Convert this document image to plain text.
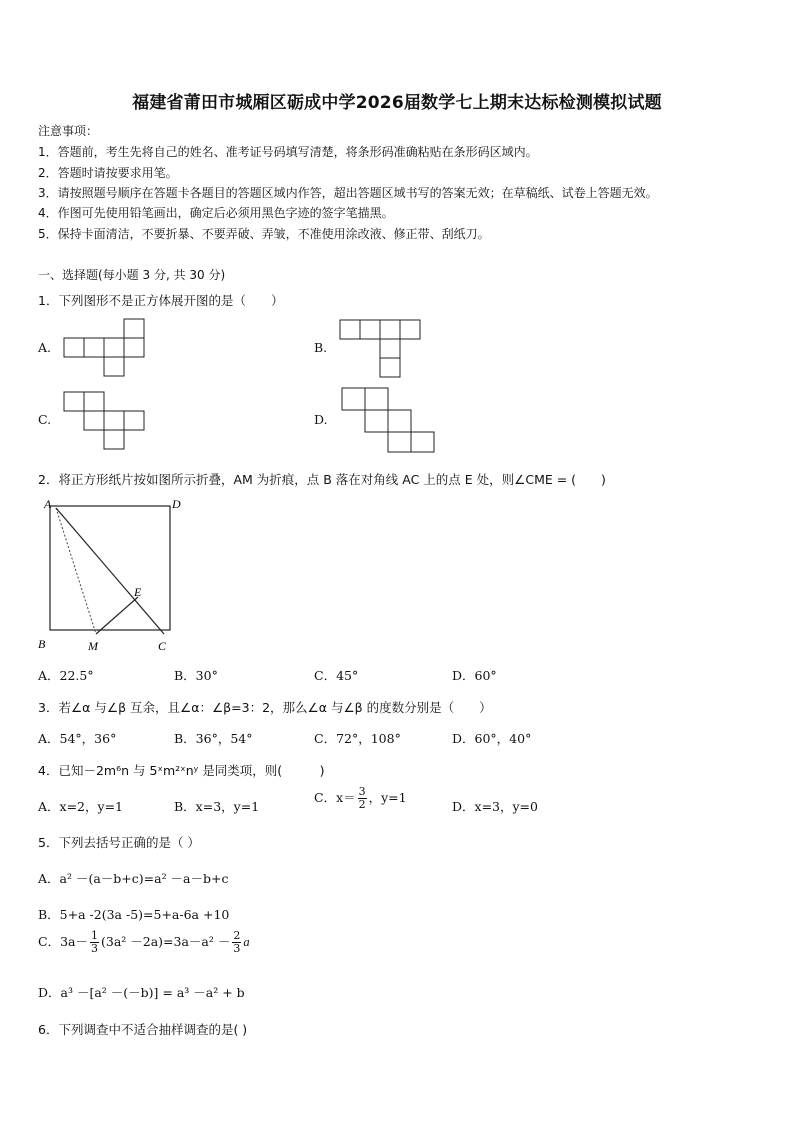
福建省莆田市城厢区砺成中学2026届数学七上期末达标检测模拟试题
注意事项：
1．答题前，考生先将自己的姓名、准考证号码填写清楚，将条形码准确粘贴在条形码区域内。
2．答题时请按要求用笔。
3．请按照题号顺序在答题卡各题目的答题区域内作答，超出答题区域书写的答案无效；在草稿纸、试卷上答题无效。
4．作图可先使用铅笔画出，确定后必须用黑色字迹的签字笔描黑。
5．保持卡面清洁，不要折暴、不要弄破、弄皱，不准使用涂改液、修正带、刮纸刀。
一、选择题(每小题 3 分, 共 30 分)
1．下列图形不是正方体展开图的是（　　）
A.	B.
C.	D.
2．将正方形纸片按如图所示折叠，AM 为折痕，点 B 落在对角线 AC 上的点 E 处，则∠CME = (　　)
A	D
B	C
M
E
A．22.5°	B．30°	C．45°	D．60°
3．若∠α 与∠β 互余，且∠α：∠β=3：2，那么∠α 与∠β 的度数分别是（　　）
A．54°，36°	B．36°，54°	C．72°，108°	D．60°，40°
4．已知－2m⁶n 与 5ˣm²ˣnʸ 是同类项，则(　　　)
A．x=2，y=1	B．x=3，y=1
C．$x= \frac{3}{2}$ ，y=1
D．x=3，y=0
5．下列去括号正确的是（ ）
A．a² －(a－b+c)=a² －a－b+c
B．5+a -2(3a -5)=5+a-6a +10
C．$3a- \frac{1}{3} (3a^2 -2a)=3a-a^2 - \frac{2}{3}$ a
D．a³ －[a² －(－b)] = a³ －a² + b
6．下列调查中不适合抽样调查的是( )
